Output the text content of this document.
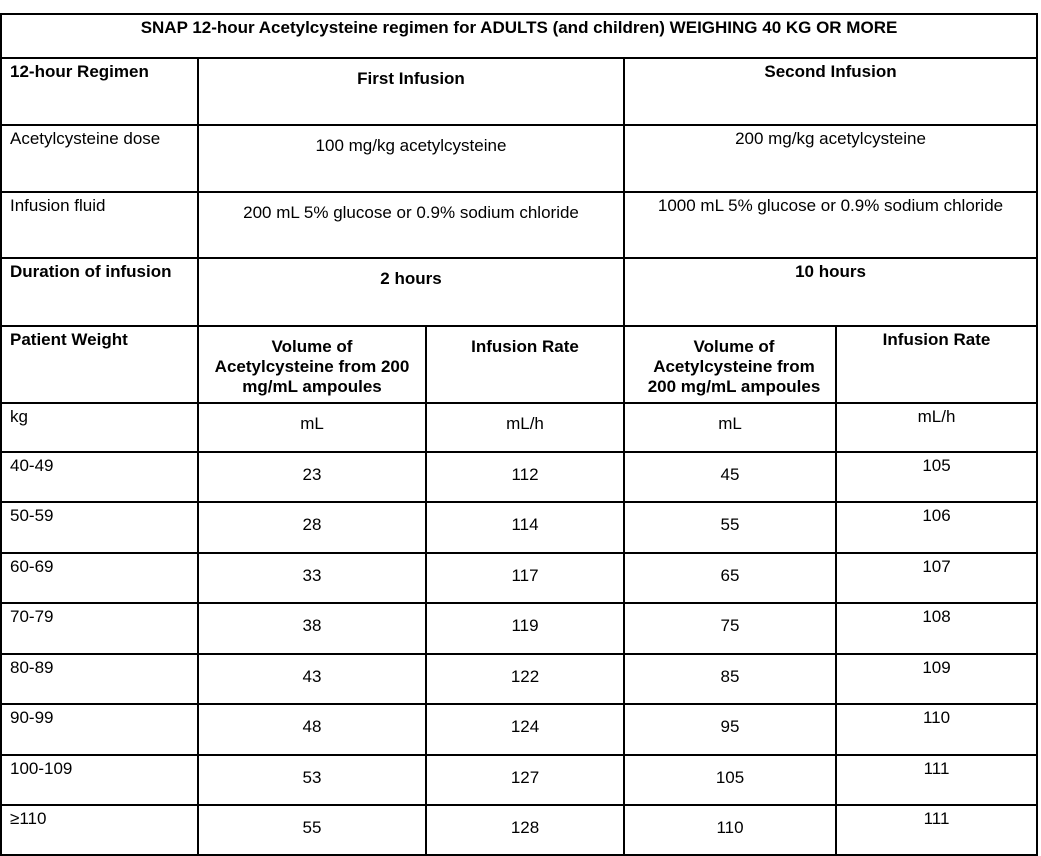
SNAP 12-hour Acetylcysteine regimen for ADULTS (and children) WEIGHING 40 KG OR MORE				
12-hour Regimen	First Infusion		Second Infusion	
Acetylcysteine dose	100 mg/kg acetylcysteine		200 mg/kg acetylcysteine	
Infusion fluid	200 mL 5% glucose or 0.9% sodium chloride		1000 mL 5% glucose or 0.9% sodium chloride	
Duration of infusion	2 hours		10 hours	
Patient Weight	Volume of Acetylcysteine from 200 mg/mL ampoules	Infusion Rate	Volume of Acetylcysteine from 200 mg/mL ampoules	Infusion Rate
kg	mL	mL/h	mL	mL/h
40-49	23	112	45	105
50-59	28	114	55	106
60-69	33	117	65	107
70-79	38	119	75	108
80-89	43	122	85	109
90-99	48	124	95	110
100-109	53	127	105	111
≥110	55	128	110	111
